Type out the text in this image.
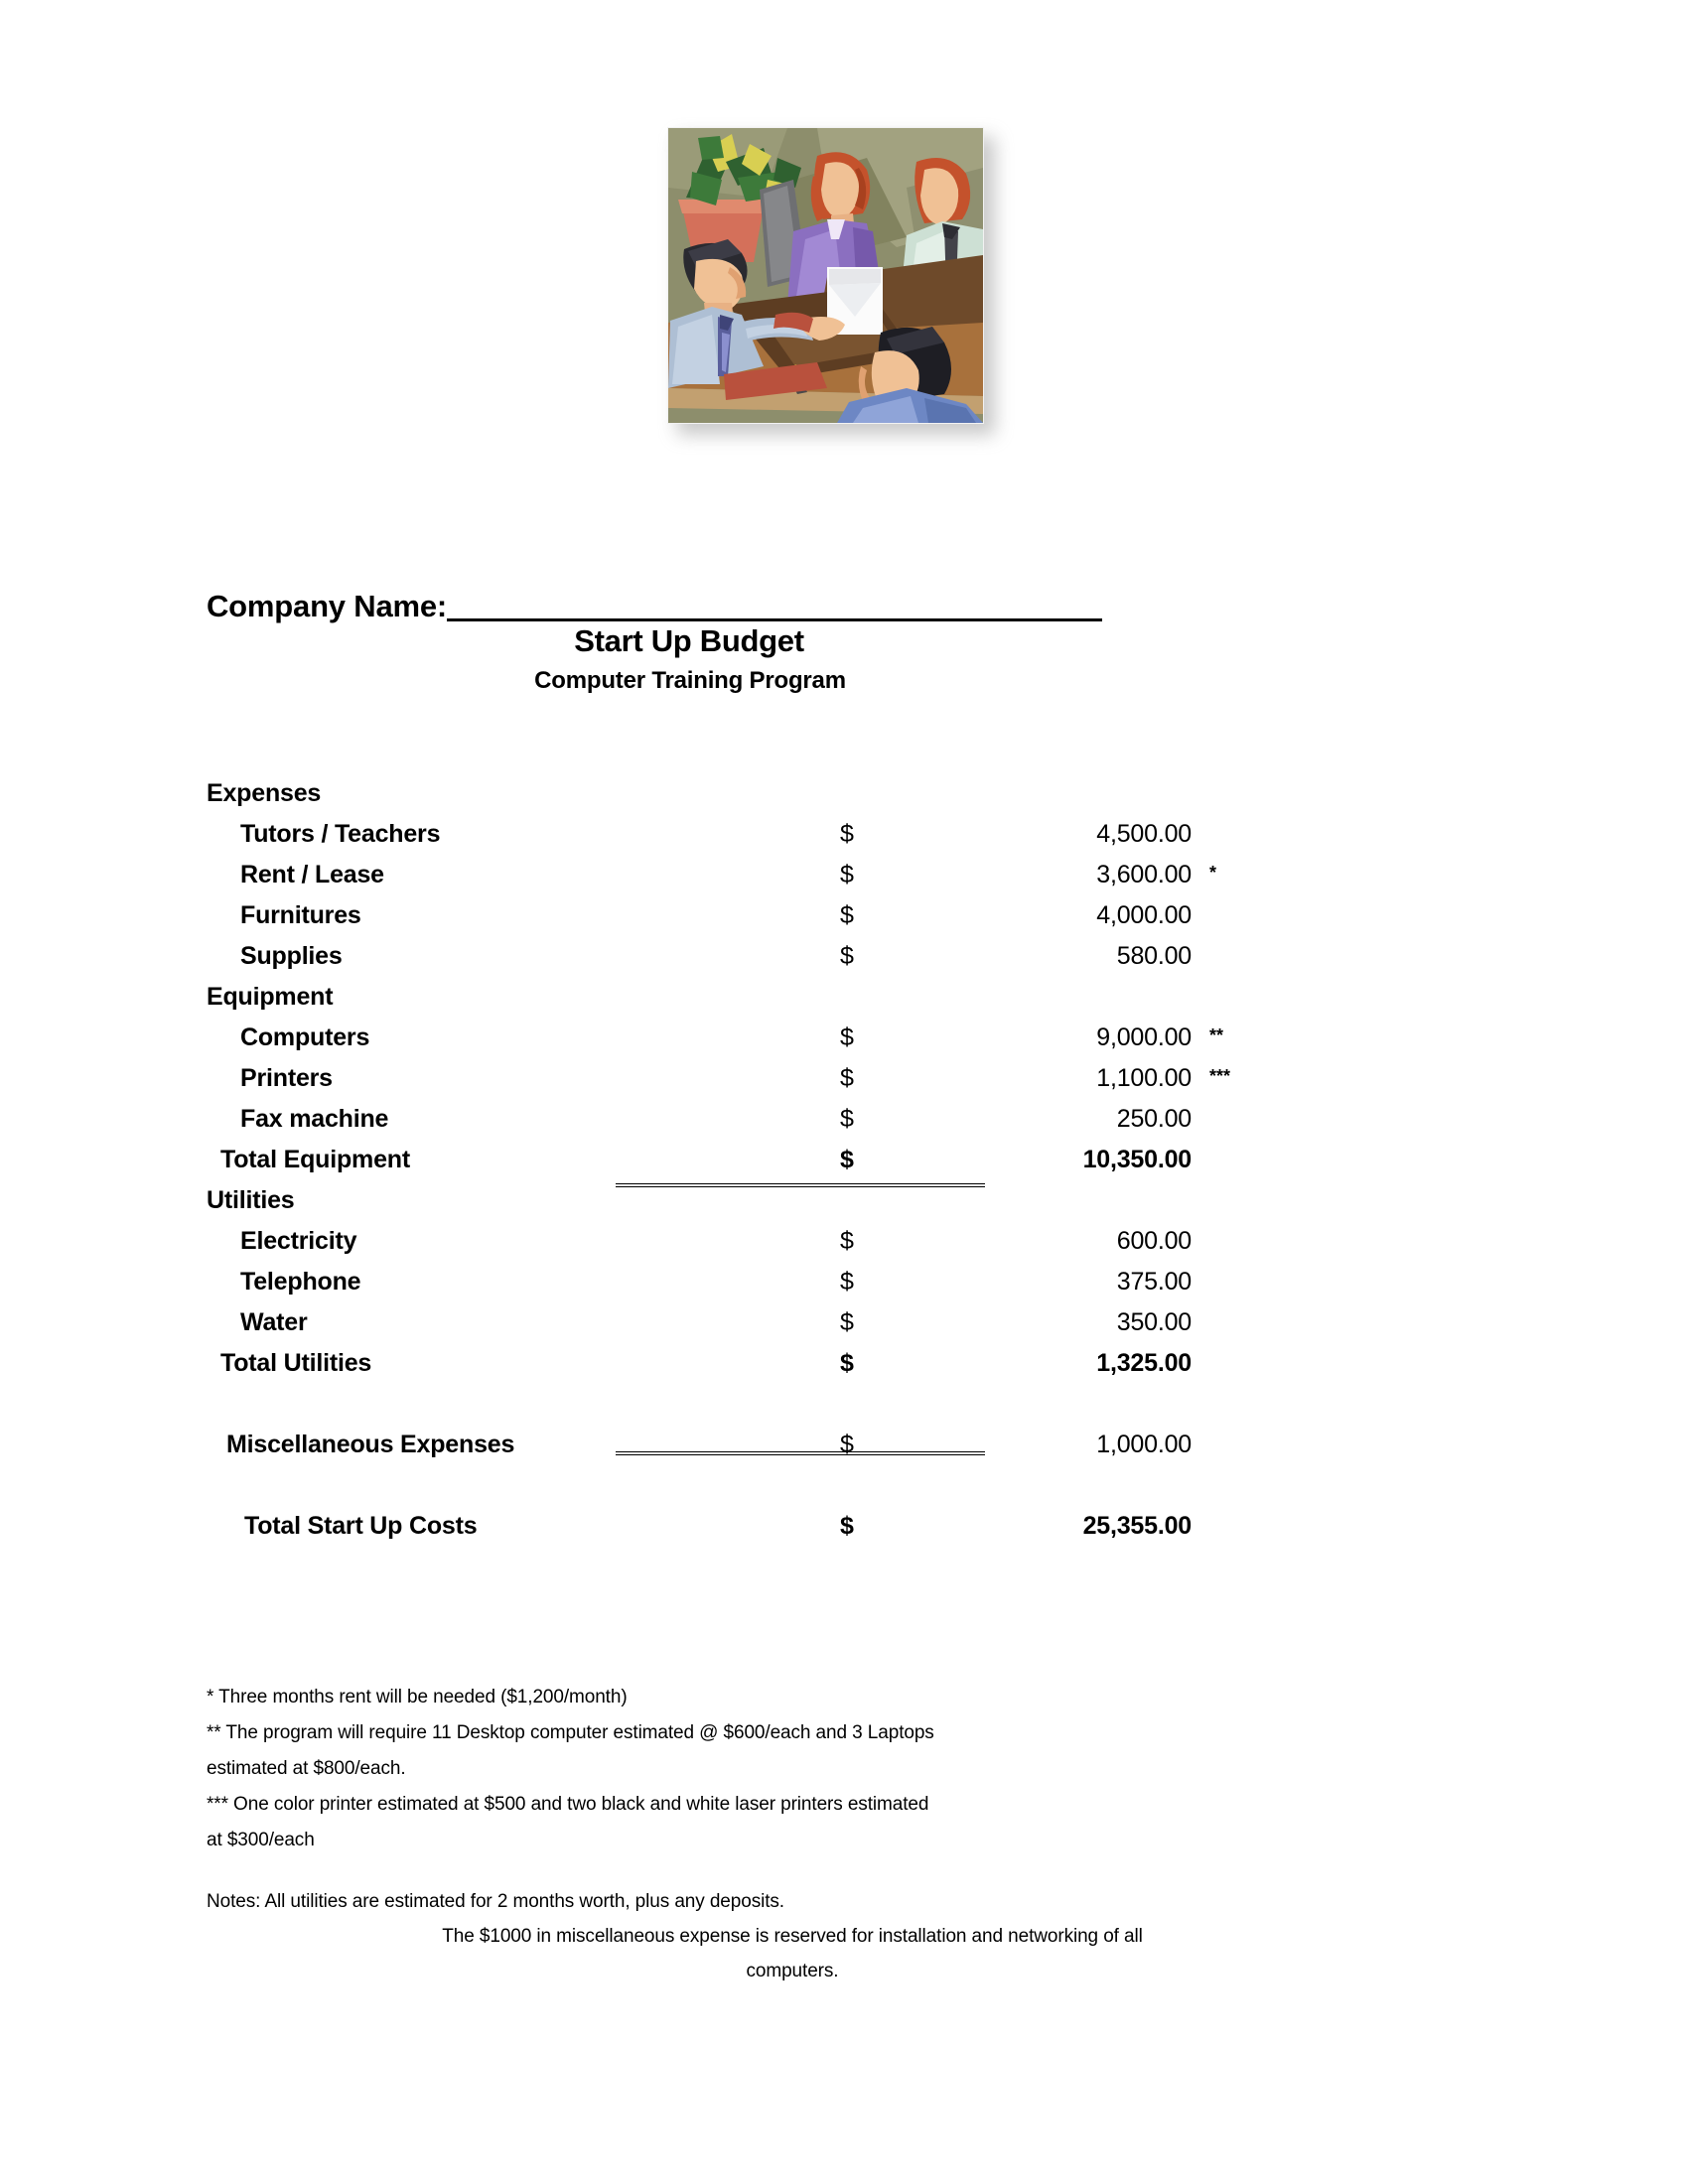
Company Name:
Start Up Budget
Computer Training Program
Expenses
Tutors / Teachers	$	4,500.00
Rent / Lease	$	3,600.00 *
Furnitures	$	4,000.00
Supplies	$	580.00
Equipment
Computers	$	9,000.00 **
Printers	$	1,100.00 ***
Fax machine	$	250.00
Total Equipment	$	10,350.00
Utilities
Electricity	$	600.00
Telephone	$	375.00
Water	$	350.00
Total Utilities	$	1,325.00
Miscellaneous Expenses	$	1,000.00
Total Start Up Costs	$	25,355.00
* Three months rent will be needed ($1,200/month)
** The program will require 11 Desktop computer estimated @ $600/each and 3 Laptops
estimated at $800/each.
*** One color printer estimated at $500 and two black and white laser printers estimated
at $300/each
Notes: All utilities are estimated for 2 months worth, plus any deposits.
The $1000 in miscellaneous expense is reserved for installation and networking of all
computers.
